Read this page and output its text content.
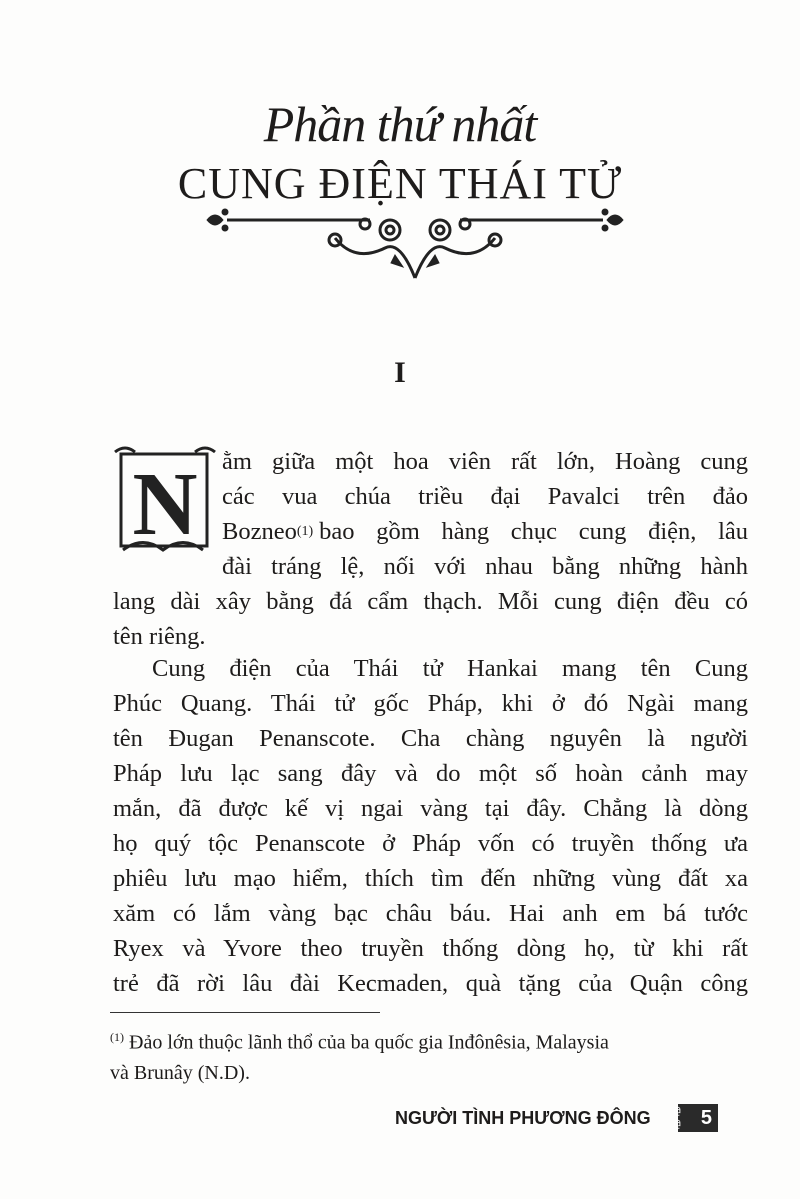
Phần thứ nhất
CUNG ĐIỆN THÁI TỬ
I
N ằm giữa một hoa viên rất lớn, Hoàng cung
các vua chúa triều đại Pavalci trên đảo
Bozneo (1) bao gồm hàng chục cung điện, lâu
đài tráng lệ, nối với nhau bằng những hành
lang dài xây bằng đá cẩm thạch. Mỗi cung điện đều có
tên riêng.
Cung điện của Thái tử Hankai mang tên Cung
Phúc Quang. Thái tử gốc Pháp, khi ở đó Ngài mang
tên Đugan Penanscote. Cha chàng nguyên là người
Pháp lưu lạc sang đây và do một số hoàn cảnh may
mắn, đã được kế vị ngai vàng tại đây. Chẳng là dòng
họ quý tộc Penanscote ở Pháp vốn có truyền thống ưa
phiêu lưu mạo hiểm, thích tìm đến những vùng đất xa
xăm có lắm vàng bạc châu báu. Hai anh em bá tước
Ryex và Yvore theo truyền thống dòng họ, từ khi rất
trẻ đã rời lâu đài Kecmaden, quà tặng của Quận công
$^{(1)}$ Đảo lớn thuộc lãnh thổ của ba quốc gia Inđônêsia, Malaysia
và Brunây (N.D).
NGƯỜI TÌNH PHƯƠNG ĐÔNG	5
@
@
